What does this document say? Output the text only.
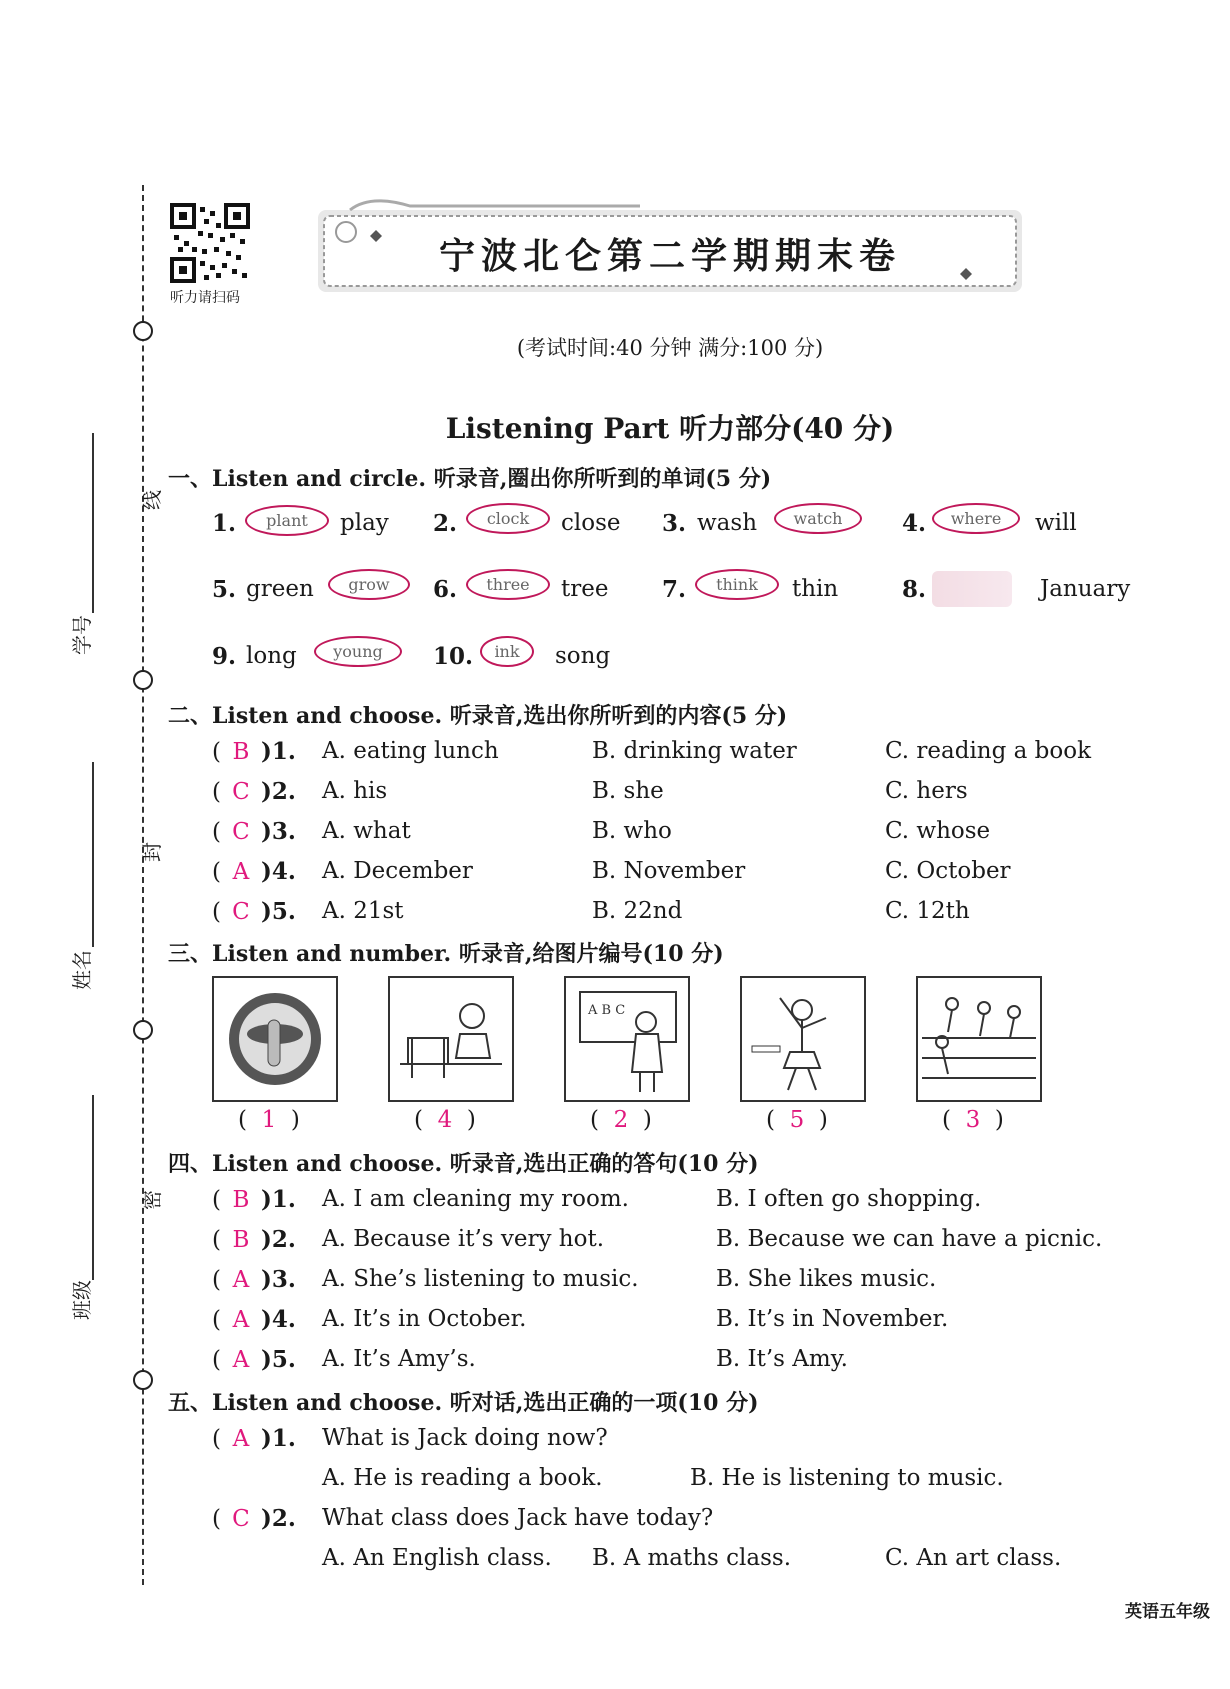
线
封
密
学号
姓名
班级
听力请扫码
宁波北仑第二学期期末卷
(考试时间:40 分钟 满分:100 分)
Listening Part 听力部分(40 分)
一、Listen and circle. 听录音,圈出你所听到的单词(5 分)
1.	plant	play 2.	clock	close 3. wash	watch	4.	where	will
5. green	grow	6.	three	tree 7.	think	thin	8.	January
9. long	young	10.	ink	song
二、Listen and choose. 听录音,选出你所听到的内容(5 分)
( B )1. A. eating lunch	B. drinking water	C. reading a book
( C )2. A. his	B. she	C. hers
( C )3. A. what	B. who	C. whose
( A )4. A. December	B. November	C. October
( C )5. A. 21st	B. 22nd	C. 12th
三、Listen and number. 听录音,给图片编号(10 分)
A B C
(  1  )	(  4  )	(  2  )	(  5  )	(  3  )
四、Listen and choose. 听录音,选出正确的答句(10 分)
( B )1. A. I am cleaning my room.	B. I often go shopping.
( B )2. A. Because it’s very hot.	B. Because we can have a picnic.
( A )3. A. She’s listening to music.	B. She likes music.
( A )4. A. It’s in October.	B. It’s in November.
( A )5. A. It’s Amy’s.	B. It’s Amy.
五、Listen and choose. 听对话,选出正确的一项(10 分)
( A )1. What is Jack doing now?
A. He is reading a book.	B. He is listening to music.
( C )2. What class does Jack have today?
A. An English class. B. A maths class.	C. An art class.
英语五年级
